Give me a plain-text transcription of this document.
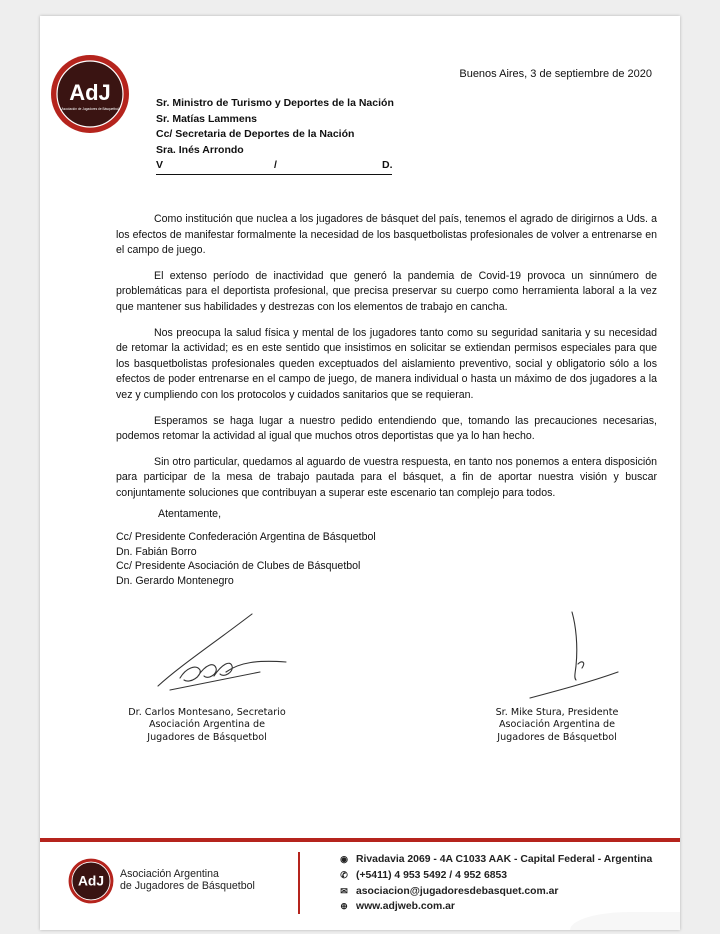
AdJ
Asociación de Jugadores de Básquetbol
Buenos Aires, 3 de septiembre de 2020
Sr. Ministro de Turismo y Deportes de la Nación
Sr. Matías Lammens
Cc/ Secretaria de Deportes de la Nación
Sra. Inés Arrondo
V	/	D.

Como institución que nuclea a los jugadores de básquet del país, tenemos el agrado de dirigirnos a Uds. a los efectos de manifestar formalmente la necesidad de los basquetbolistas profesionales de volver a entrenarse en el campo de juego.

El extenso período de inactividad que generó la pandemia de Covid-19 provoca un sinnúmero de problemáticas para el deportista profesional, que precisa preservar su cuerpo como herramienta laboral a la vez que mantener sus habilidades y destrezas con los elementos de trabajo en cancha.

Nos preocupa la salud física y mental de los jugadores tanto como su seguridad sanitaria y su necesidad de retomar la actividad; es en este sentido que insistimos en solicitar se extiendan permisos especiales para que los basquetbolistas profesionales queden exceptuados del aislamiento preventivo, social y obligatorio sólo a los efectos de poder entrenarse en el campo de juego, de manera individual o hasta un máximo de dos jugadores a la vez y cumpliendo con los protocolos y cuidados sanitarios que se requieran.

Esperamos se haga lugar a nuestro pedido entendiendo que, tomando las precauciones necesarias, podemos retomar la actividad al igual que muchos otros deportistas que ya lo han hecho.

Sin otro particular, quedamos al aguardo de vuestra respuesta, en tanto nos ponemos a entera disposición para participar de la mesa de trabajo pautada para el básquet, a fin de aportar nuestra visión y buscar conjuntamente soluciones que contribuyan a superar este escenario tan complejo para todos.

Atentamente,
Cc/ Presidente Confederación Argentina de Básquetbol
Dn. Fabián Borro
Cc/ Presidente Asociación de Clubes de Básquetbol
Dn. Gerardo Montenegro
Dr. Carlos Montesano, Secretario
Asociación Argentina de
Jugadores de Básquetbol
Sr. Mike Stura, Presidente
Asociación Argentina de
Jugadores de Básquetbol
AdJ Asociación Argentina
de Jugadores de Básquetbol
◉ Rivadavia 2069 - 4A C1033 AAK - Capital Federal - Argentina
✆ (+5411) 4 953 5492 / 4 952 6853
✉ asociacion@jugadoresdebasquet.com.ar
⊕ www.adjweb.com.ar
